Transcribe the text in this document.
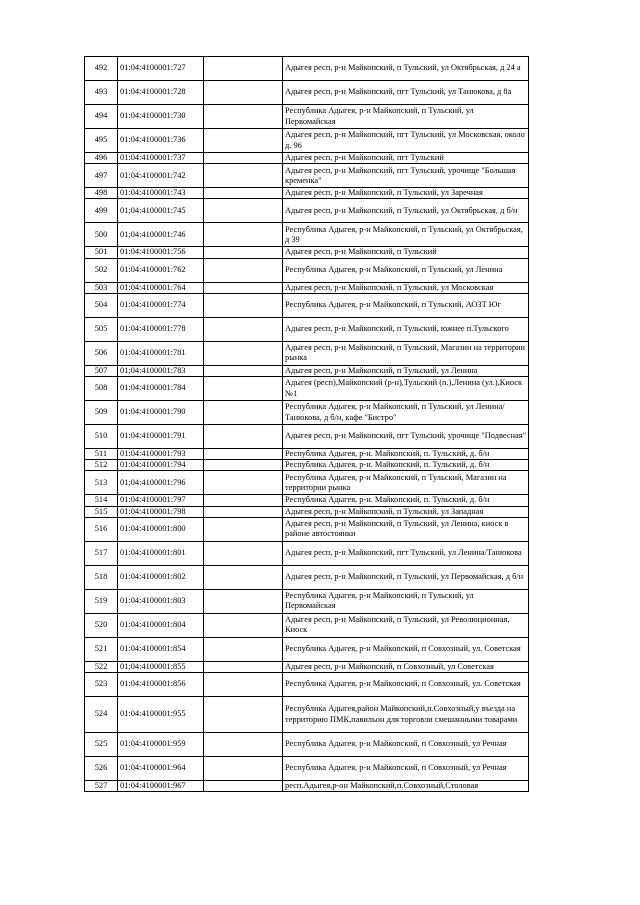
492	01:04:4100001:727		Адыгея респ, р-н Майкопский, п Тульский, ул Октябрьская, д 24 а
493	01:04:4100001:728		Адыгея респ, р-н Майкопский, пгт Тульский, ул Танюкова, д 8а
494	01:04:4100001:730		Республика Адыгея, р-н Майкопский, п Тульский, ул Первомайская
495	01:04:4100001:736		Адыгея респ, р-н Майкопский, пгт Тульский, ул Московская, около д. 96
496	01:04:4100001:737		Адыгея респ, р-н Майкопский, пгт Тульский
497	01:04:4100001:742		Адыгея респ, р-н Майкопский, пгт Тульский, урочище "Большая кременка"
498	01:04:4100001:743		Адыгея респ, р-н Майкопский, п Тульский, ул Заречная
499	01:04:4100001:745		Адыгея респ, р-н Майкопский, п Тульский, ул Октябрьская, д б/н
500	01:04:4100001:746		Республика Адыгея, р-н Майкопский, п Тульский, ул Октябрьская, д 39
501	01:04:4100001:756		Адыгея респ, р-н Майкопский, п Тульский
502	01:04:4100001:762		Республика Адыгея, р-н Майкопский, п Тульский, ул Ленина
503	01:04:4100001:764		Адыгея респ, р-н Майкопский, п Тульский, ул Московская
504	01:04:4100001:774		Республика Адыгея, р-н Майкопский, п Тульский, АОЗТ Юг
505	01:04:4100001:778		Адыгея респ, р-н Майкопский, п Тульский, южнее п.Тульского
506	01:04:4100001:781		Адыгея респ, р-н Майкопский, п Тульский, Магазин на территории рынка
507	01:04:4100001:783		Адыгея респ, р-н Майкопский, п Тульский, ул Ленина
508	01:04:4100001:784		Адыгея (респ),Майкопский (р-н),Тульский (п.),Ленина (ул.),Киоск №1
509	01:04:4100001:790		Республика Адыгея, р-н Майкопский, п Тульский, ул Ленина/Танюкова, д б/н, кафе "Бистро"
510	01:04:4100001:791		Адыгея респ, р-н Майкопский, пгт Тульский, урочище "Подвесная"
511	01:04:4100001:793		Республика Адыгея, р-н. Майкопский, п. Тульский, д. б/н
512	01:04:4100001:794		Республика Адыгея, р-н. Майкопский, п. Тульский, д. б/н
513	01:04:4100001:796		Республика Адыгея, р-н Майкопский, п Тульский, Магазин на территории рынка
514	01:04:4100001:797		Республика Адыгея, р-н. Майкопский, п. Тульский, д. б/н
515	01:04:4100001:798		Адыгея респ, р-н Майкопский, п Тульский, ул Западная
516	01:04:4100001:800		Адыгея респ, р-н Майкопский, п Тульский, ул Ленина, киоск в районе автостоянки
517	01:04:4100001:801		Адыгея респ, р-н Майкопский, пгт Тульский, ул Ленина/Танюкова
518	01:04:4100001:802		Адыгея респ, р-н Майкопский, п Тульский, ул Первомайская, д б/н
519	01:04:4100001:803		Республика Адыгея, р-н Майкопский, п Тульский, ул Первомайская
520	01:04:4100001:804		Адыгея респ, р-н Майкопский, п Тульский, ул Революционная, Киоск
521	01:04:4100001:854		Республика Адыгея, р-н Майкопский, п Совхозный, ул. Советская
522	01:04:4100001:855		Адыгея респ, р-н Майкопский, п Совхозный, ул Советская
523	01:04:4100001:856		Республика Адыгея, р-н Майкопский, п Совхозный, ул. Советская
524	01:04:4100001:955		Республика Адыгея,район Майкопский,п.Совхозный,у въезда на территорию ПМК,павильон для торговли смешанными товарами
525	01:04:4100001:959		Республика Адыгея, р-н Майкопский, п Совхозный, ул Речная
526	01:04:4100001:964		Республика Адыгея, р-н Майкопский, п Совхозный, ул Речная
527	01:04:4100001:967		респ.Адыгея,р-он Майкопский,п.Совхозный,Столовая
